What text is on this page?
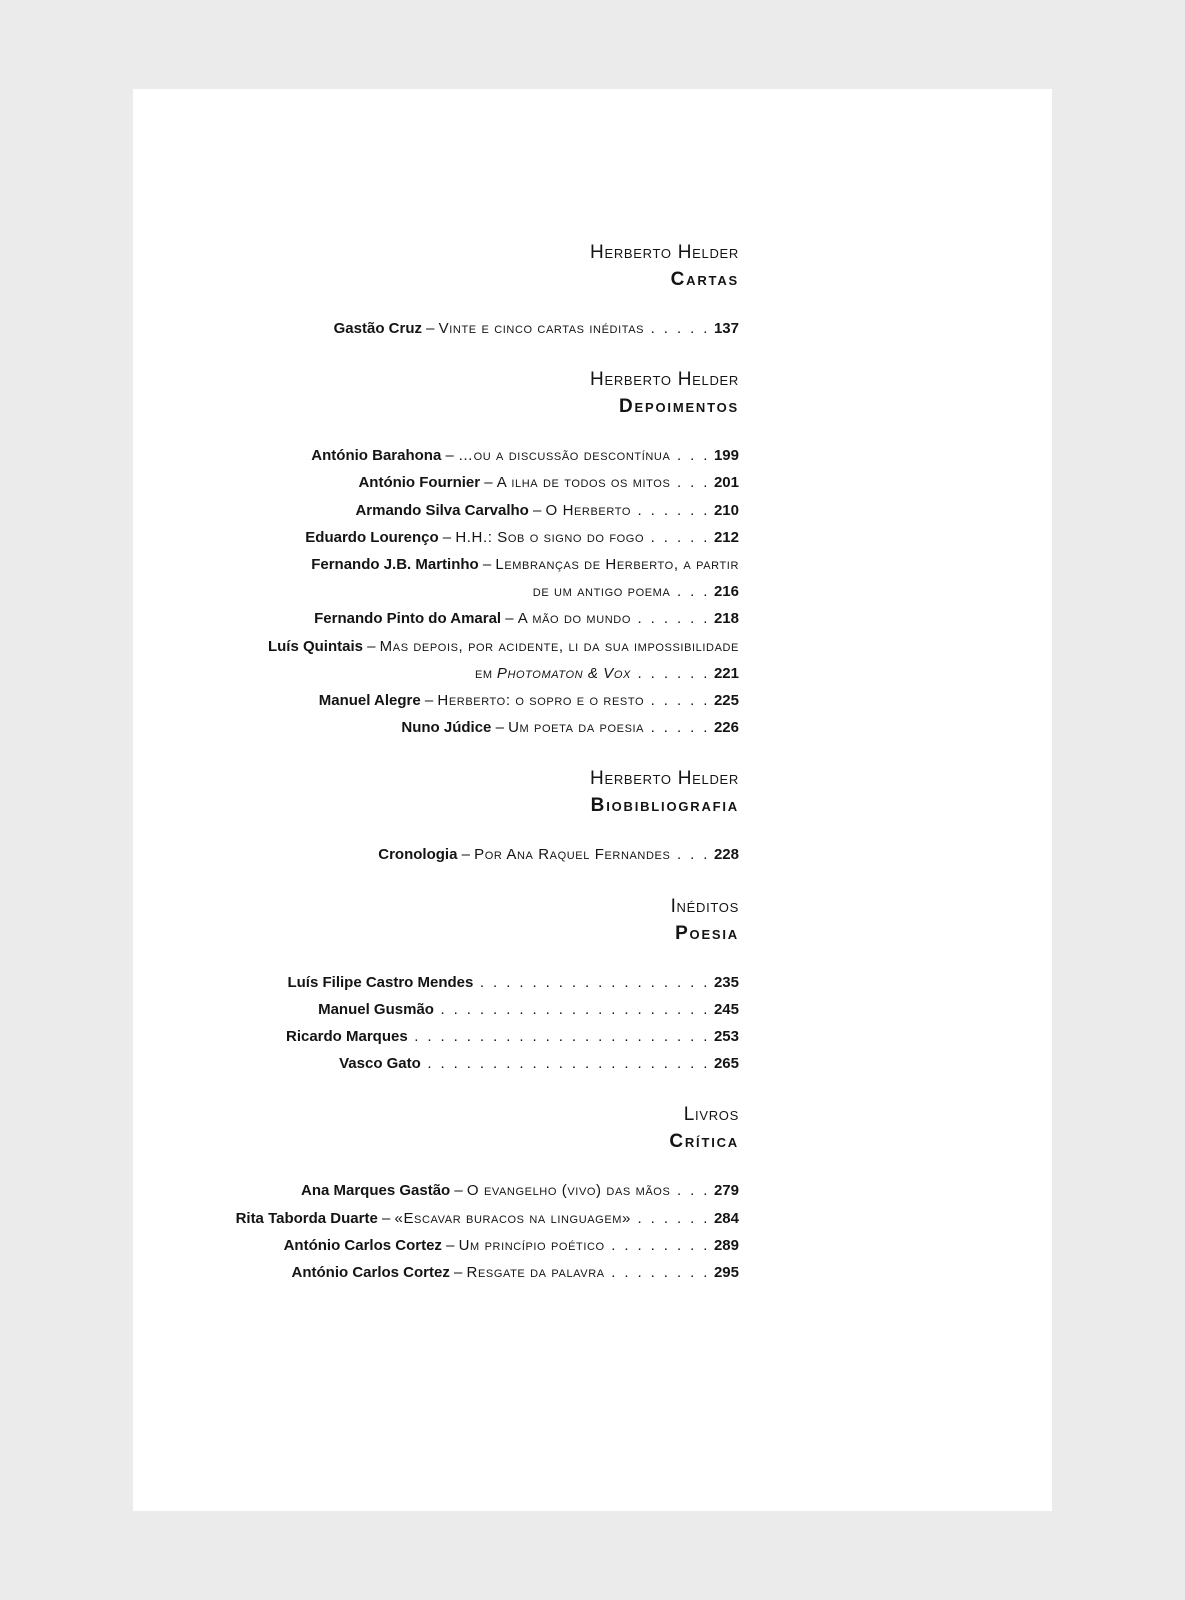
Herberto Helder
Cartas
Gastão Cruz – Vinte e cinco cartas inéditas . . . . . 137
Herberto Helder
Depoimentos
António Barahona – …ou a discussão descontínua . . . 199
António Fournier – A ilha de todos os mitos . . . 201
Armando Silva Carvalho – O Herberto . . . . . . 210
Eduardo Lourenço – H.H.: Sob o signo do fogo . . . . . 212
Fernando J.B. Martinho – Lembranças de Herberto, a partir
de um antigo poema . . . 216
Fernando Pinto do Amaral – A mão do mundo . . . . . . 218
Luís Quintais – Mas depois, por acidente, li da sua impossibilidade
em Photomaton & Vox . . . . . . 221
Manuel Alegre – Herberto: o sopro e o resto . . . . . 225
Nuno Júdice – Um poeta da poesia . . . . . 226
Herberto Helder
Biobibliografia
Cronologia – Por Ana Raquel Fernandes . . . 228
Inéditos
Poesia
Luís Filipe Castro Mendes . . . . . . . . . . . . . . . . . . 235
Manuel Gusmão . . . . . . . . . . . . . . . . . . . . . 245
Ricardo Marques . . . . . . . . . . . . . . . . . . . . . . . 253
Vasco Gato . . . . . . . . . . . . . . . . . . . . . . 265
Livros
Crítica
Ana Marques Gastão – O evangelho (vivo) das mãos . . . 279
Rita Taborda Duarte – «Escavar buracos na linguagem» . . . . . . 284
António Carlos Cortez – Um princípio poético . . . . . . . . 289
António Carlos Cortez – Resgate da palavra . . . . . . . . 295
